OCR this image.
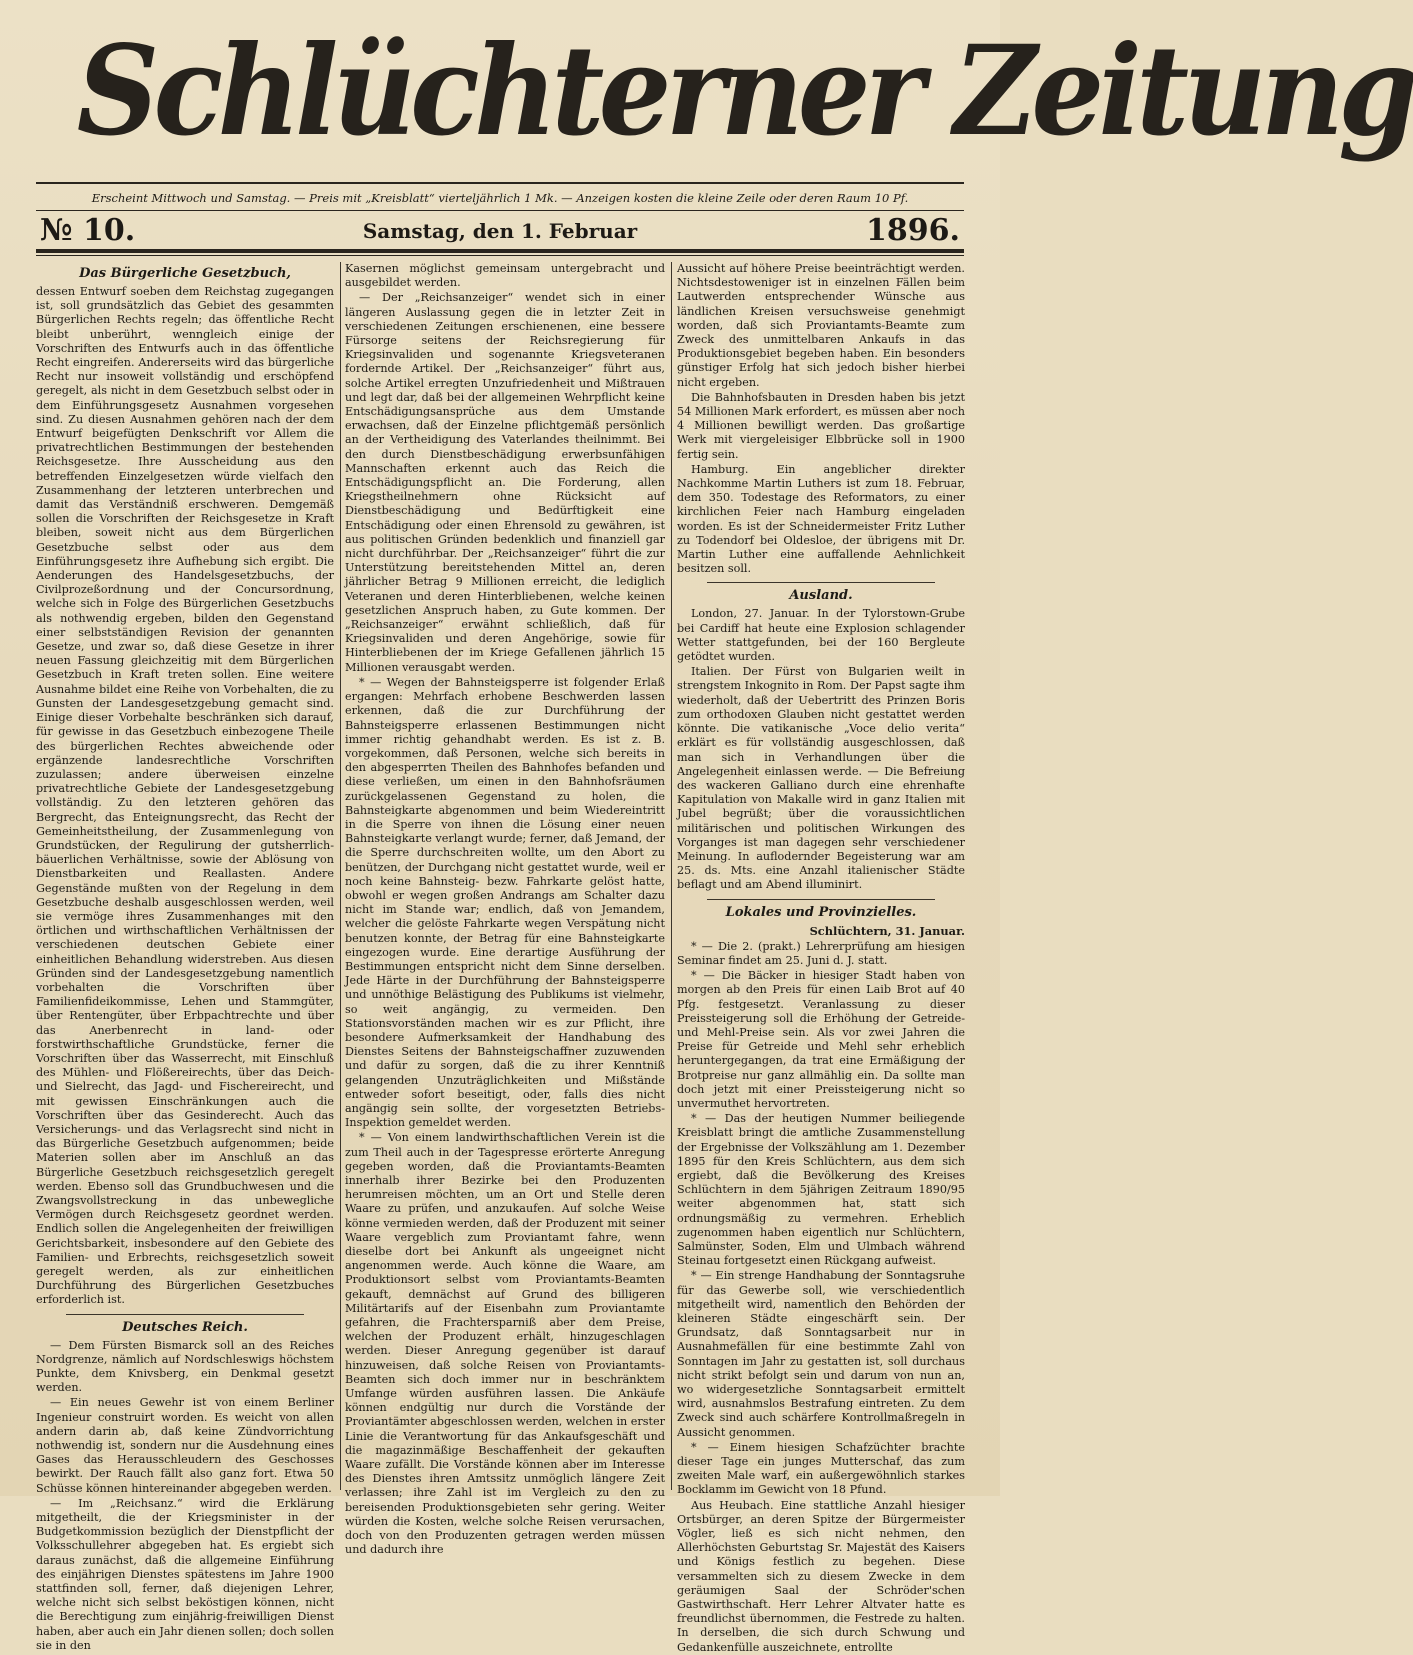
Schlüchterner Zeitung
Erscheint Mittwoch und Samstag. — Preis mit „Kreisblatt“ vierteljährlich 1 Mk. — Anzeigen kosten die kleine Zeile oder deren Raum 10 Pf.
№ 10.	Samstag, den 1. Februar	1896.
Das Bürgerliche Gesetzbuch,

dessen Entwurf soeben dem Reichstag zugegangen ist, soll grundsätzlich das Gebiet des gesammten Bürgerlichen Rechts regeln; das öffentliche Recht bleibt unberührt, wenngleich einige der Vorschriften des Entwurfs auch in das öffentliche Recht eingreifen. Andererseits wird das bürgerliche Recht nur insoweit vollständig und erschöpfend geregelt, als nicht in dem Gesetzbuch selbst oder in dem Einführungsgesetz Ausnahmen vorgesehen sind. Zu diesen Ausnahmen gehören nach der dem Entwurf beigefügten Denkschrift vor Allem die privatrechtlichen Bestimmungen der bestehenden Reichsgesetze. Ihre Ausscheidung aus den betreffenden Einzelgesetzen würde vielfach den Zusammenhang der letzteren unterbrechen und damit das Verständniß erschweren. Demgemäß sollen die Vorschriften der Reichsgesetze in Kraft bleiben, soweit nicht aus dem Bürgerlichen Gesetzbuche selbst oder aus dem Einführungsgesetz ihre Aufhebung sich ergibt. Die Aenderungen des Handelsgesetzbuchs, der Civilprozeßordnung und der Concursordnung, welche sich in Folge des Bürgerlichen Gesetzbuchs als nothwendig ergeben, bilden den Gegenstand einer selbstständigen Revision der genannten Gesetze, und zwar so, daß diese Gesetze in ihrer neuen Fassung gleichzeitig mit dem Bürgerlichen Gesetzbuch in Kraft treten sollen. Eine weitere Ausnahme bildet eine Reihe von Vorbehalten, die zu Gunsten der Landesgesetzgebung gemacht sind. Einige dieser Vorbehalte beschränken sich darauf, für gewisse in das Gesetzbuch einbezogene Theile des bürgerlichen Rechtes abweichende oder ergänzende landesrechtliche Vorschriften zuzulassen; andere überweisen einzelne privatrechtliche Gebiete der Landesgesetzgebung vollständig. Zu den letzteren gehören das Bergrecht, das Enteignungsrecht, das Recht der Gemeinheitstheilung, der Zusammenlegung von Grundstücken, der Regulirung der gutsherrlich-bäuerlichen Verhältnisse, sowie der Ablösung von Dienstbarkeiten und Reallasten. Andere Gegenstände mußten von der Regelung in dem Gesetzbuche deshalb ausgeschlossen werden, weil sie vermöge ihres Zusammenhanges mit den örtlichen und wirthschaftlichen Verhältnissen der verschiedenen deutschen Gebiete einer einheitlichen Behandlung widerstreben. Aus diesen Gründen sind der Landesgesetzgebung namentlich vorbehalten die Vorschriften über Familienfideikommisse, Lehen und Stammgüter, über Rentengüter, über Erbpachtrechte und über das Anerbenrecht in land- oder forstwirthschaftliche Grundstücke, ferner die Vorschriften über das Wasserrecht, mit Einschluß des Mühlen- und Flößereirechts, über das Deich- und Sielrecht, das Jagd- und Fischereirecht, und mit gewissen Einschränkungen auch die Vorschriften über das Gesinderecht. Auch das Versicherungs- und das Verlagsrecht sind nicht in das Bürgerliche Gesetzbuch aufgenommen; beide Materien sollen aber im Anschluß an das Bürgerliche Gesetzbuch reichsgesetzlich geregelt werden. Ebenso soll das Grundbuchwesen und die Zwangsvollstreckung in das unbewegliche Vermögen durch Reichsgesetz geordnet werden. Endlich sollen die Angelegenheiten der freiwilligen Gerichtsbarkeit, insbesondere auf den Gebiete des Familien- und Erbrechts, reichsgesetzlich soweit geregelt werden, als zur einheitlichen Durchführung des Bürgerlichen Gesetzbuches erforderlich ist.

Deutsches Reich.

— Dem Fürsten Bismarck soll an des Reiches Nordgrenze, nämlich auf Nordschleswigs höchstem Punkte, dem Knivsberg, ein Denkmal gesetzt werden.

— Ein neues Gewehr ist von einem Berliner Ingenieur construirt worden. Es weicht von allen andern darin ab, daß keine Zündvorrichtung nothwendig ist, sondern nur die Ausdehnung eines Gases das Herausschleudern des Geschosses bewirkt. Der Rauch fällt also ganz fort. Etwa 50 Schüsse können hintereinander abgegeben werden.

— Im „Reichsanz.“ wird die Erklärung mitgetheilt, die der Kriegsminister in der Budgetkommission bezüglich der Dienstpflicht der Volksschullehrer abgegeben hat. Es ergiebt sich daraus zunächst, daß die allgemeine Einführung des einjährigen Dienstes spätestens im Jahre 1900 stattfinden soll, ferner, daß diejenigen Lehrer, welche nicht sich selbst beköstigen können, nicht die Berechtigung zum einjährig-freiwilligen Dienst haben, aber auch ein Jahr dienen sollen; doch sollen sie in den

Kasernen möglichst gemeinsam untergebracht und ausgebildet werden.

— Der „Reichsanzeiger“ wendet sich in einer längeren Auslassung gegen die in letzter Zeit in verschiedenen Zeitungen erschienenen, eine bessere Fürsorge seitens der Reichsregierung für Kriegsinvaliden und sogenannte Kriegsveteranen fordernde Artikel. Der „Reichsanzeiger“ führt aus, solche Artikel erregten Unzufriedenheit und Mißtrauen und legt dar, daß bei der allgemeinen Wehrpflicht keine Entschädigungsansprüche aus dem Umstande erwachsen, daß der Einzelne pflichtgemäß persönlich an der Vertheidigung des Vaterlandes theilnimmt. Bei den durch Dienstbeschädigung erwerbsunfähigen Mannschaften erkennt auch das Reich die Entschädigungspflicht an. Die Forderung, allen Kriegstheilnehmern ohne Rücksicht auf Dienstbeschädigung und Bedürftigkeit eine Entschädigung oder einen Ehrensold zu gewähren, ist aus politischen Gründen bedenklich und finanziell gar nicht durchführbar. Der „Reichsanzeiger“ führt die zur Unterstützung bereitstehenden Mittel an, deren jährlicher Betrag 9 Millionen erreicht, die lediglich Veteranen und deren Hinterbliebenen, welche keinen gesetzlichen Anspruch haben, zu Gute kommen. Der „Reichsanzeiger“ erwähnt schließlich, daß für Kriegsinvaliden und deren Angehörige, sowie für Hinterbliebenen der im Kriege Gefallenen jährlich 15 Millionen verausgabt werden.

* — Wegen der Bahnsteigsperre ist folgender Erlaß ergangen: Mehrfach erhobene Beschwerden lassen erkennen, daß die zur Durchführung der Bahnsteigsperre erlassenen Bestimmungen nicht immer richtig gehandhabt werden. Es ist z. B. vorgekommen, daß Personen, welche sich bereits in den abgesperrten Theilen des Bahnhofes befanden und diese verließen, um einen in den Bahnhofsräumen zurückgelassenen Gegenstand zu holen, die Bahnsteigkarte abgenommen und beim Wiedereintritt in die Sperre von ihnen die Lösung einer neuen Bahnsteigkarte verlangt wurde; ferner, daß Jemand, der die Sperre durchschreiten wollte, um den Abort zu benützen, der Durchgang nicht gestattet wurde, weil er noch keine Bahnsteig- bezw. Fahrkarte gelöst hatte, obwohl er wegen großen Andrangs am Schalter dazu nicht im Stande war; endlich, daß von Jemandem, welcher die gelöste Fahrkarte wegen Verspätung nicht benutzen konnte, der Betrag für eine Bahnsteigkarte eingezogen wurde. Eine derartige Ausführung der Bestimmungen entspricht nicht dem Sinne derselben. Jede Härte in der Durchführung der Bahnsteigsperre und unnöthige Belästigung des Publikums ist vielmehr, so weit angängig, zu vermeiden. Den Stationsvorständen machen wir es zur Pflicht, ihre besondere Aufmerksamkeit der Handhabung des Dienstes Seitens der Bahnsteigschaffner zuzuwenden und dafür zu sorgen, daß die zu ihrer Kenntniß gelangenden Unzuträglichkeiten und Mißstände entweder sofort beseitigt, oder, falls dies nicht angängig sein sollte, der vorgesetzten Betriebs-Inspektion gemeldet werden.

* — Von einem landwirthschaftlichen Verein ist die zum Theil auch in der Tagespresse erörterte Anregung gegeben worden, daß die Proviantamts-Beamten innerhalb ihrer Bezirke bei den Produzenten herumreisen möchten, um an Ort und Stelle deren Waare zu prüfen, und anzukaufen. Auf solche Weise könne vermieden werden, daß der Produzent mit seiner Waare vergeblich zum Proviantamt fahre, wenn dieselbe dort bei Ankunft als ungeeignet nicht angenommen werde. Auch könne die Waare, am Produktionsort selbst vom Proviantamts-Beamten gekauft, demnächst auf Grund des billigeren Militärtarifs auf der Eisenbahn zum Proviantamte gefahren, die Frachtersparniß aber dem Preise, welchen der Produzent erhält, hinzugeschlagen werden. Dieser Anregung gegenüber ist darauf hinzuweisen, daß solche Reisen von Proviantamts-Beamten sich doch immer nur in beschränktem Umfange würden ausführen lassen. Die Ankäufe können endgültig nur durch die Vorstände der Proviantämter abgeschlossen werden, welchen in erster Linie die Verantwortung für das Ankaufsgeschäft und die magazinmäßige Beschaffenheit der gekauften Waare zufällt. Die Vorstände können aber im Interesse des Dienstes ihren Amtssitz unmöglich längere Zeit verlassen; ihre Zahl ist im Vergleich zu den zu bereisenden Produktionsgebieten sehr gering. Weiter würden die Kosten, welche solche Reisen verursachen, doch von den Produzenten getragen werden müssen und dadurch ihre

Aussicht auf höhere Preise beeinträchtigt werden. Nichtsdestoweniger ist in einzelnen Fällen beim Lautwerden entsprechender Wünsche aus ländlichen Kreisen versuchsweise genehmigt worden, daß sich Proviantamts-Beamte zum Zweck des unmittelbaren Ankaufs in das Produktionsgebiet begeben haben. Ein besonders günstiger Erfolg hat sich jedoch bisher hierbei nicht ergeben.

Die Bahnhofsbauten in Dresden haben bis jetzt 54 Millionen Mark erfordert, es müssen aber noch 4 Millionen bewilligt werden. Das großartige Werk mit viergeleisiger Elbbrücke soll in 1900 fertig sein.

Hamburg. Ein angeblicher direkter Nachkomme Martin Luthers ist zum 18. Februar, dem 350. Todestage des Reformators, zu einer kirchlichen Feier nach Hamburg eingeladen worden. Es ist der Schneidermeister Fritz Luther zu Todendorf bei Oldesloe, der übrigens mit Dr. Martin Luther eine auffallende Aehnlichkeit besitzen soll.

Ausland.

London, 27. Januar. In der Tylorstown-Grube bei Cardiff hat heute eine Explosion schlagender Wetter stattgefunden, bei der 160 Bergleute getödtet wurden.

Italien. Der Fürst von Bulgarien weilt in strengstem Inkognito in Rom. Der Papst sagte ihm wiederholt, daß der Uebertritt des Prinzen Boris zum orthodoxen Glauben nicht gestattet werden könnte. Die vatikanische „Voce delio verita“ erklärt es für vollständig ausgeschlossen, daß man sich in Verhandlungen über die Angelegenheit einlassen werde. — Die Befreiung des wackeren Galliano durch eine ehrenhafte Kapitulation von Makalle wird in ganz Italien mit Jubel begrüßt; über die voraussichtlichen militärischen und politischen Wirkungen des Vorganges ist man dagegen sehr verschiedener Meinung. In auflodernder Begeisterung war am 25. ds. Mts. eine Anzahl italienischer Städte beflagt und am Abend illuminirt.

Lokales und Provinzielles.
Schlüchtern, 31. Januar.

* — Die 2. (prakt.) Lehrerprüfung am hiesigen Seminar findet am 25. Juni d. J. statt.

* — Die Bäcker in hiesiger Stadt haben von morgen ab den Preis für einen Laib Brot auf 40 Pfg. festgesetzt. Veranlassung zu dieser Preissteigerung soll die Erhöhung der Getreide- und Mehl-Preise sein. Als vor zwei Jahren die Preise für Getreide und Mehl sehr erheblich heruntergegangen, da trat eine Ermäßigung der Brotpreise nur ganz allmählig ein. Da sollte man doch jetzt mit einer Preissteigerung nicht so unvermuthet hervortreten.

* — Das der heutigen Nummer beiliegende Kreisblatt bringt die amtliche Zusammenstellung der Ergebnisse der Volkszählung am 1. Dezember 1895 für den Kreis Schlüchtern, aus dem sich ergiebt, daß die Bevölkerung des Kreises Schlüchtern in dem 5jährigen Zeitraum 1890/95 weiter abgenommen hat, statt sich ordnungsmäßig zu vermehren. Erheblich zugenommen haben eigentlich nur Schlüchtern, Salmünster, Soden, Elm und Ulmbach während Steinau fortgesetzt einen Rückgang aufweist.

* — Ein strenge Handhabung der Sonntagsruhe für das Gewerbe soll, wie verschiedentlich mitgetheilt wird, namentlich den Behörden der kleineren Städte eingeschärft sein. Der Grundsatz, daß Sonntagsarbeit nur in Ausnahmefällen für eine bestimmte Zahl von Sonntagen im Jahr zu gestatten ist, soll durchaus nicht strikt befolgt sein und darum von nun an, wo widergesetzliche Sonntagsarbeit ermittelt wird, ausnahmslos Bestrafung eintreten. Zu dem Zweck sind auch schärfere Kontrollmaßregeln in Aussicht genommen.

* — Einem hiesigen Schafzüchter brachte dieser Tage ein junges Mutterschaf, das zum zweiten Male warf, ein außergewöhnlich starkes Bocklamm im Gewicht von 18 Pfund.

Aus Heubach. Eine stattliche Anzahl hiesiger Ortsbürger, an deren Spitze der Bürgermeister Vögler, ließ es sich nicht nehmen, den Allerhöchsten Geburtstag Sr. Majestät des Kaisers und Königs festlich zu begehen. Diese versammelten sich zu diesem Zwecke in dem geräumigen Saal der Schröder'schen Gastwirthschaft. Herr Lehrer Altvater hatte es freundlichst übernommen, die Festrede zu halten. In derselben, die sich durch Schwung und Gedankenfülle auszeichnete, entrollte
